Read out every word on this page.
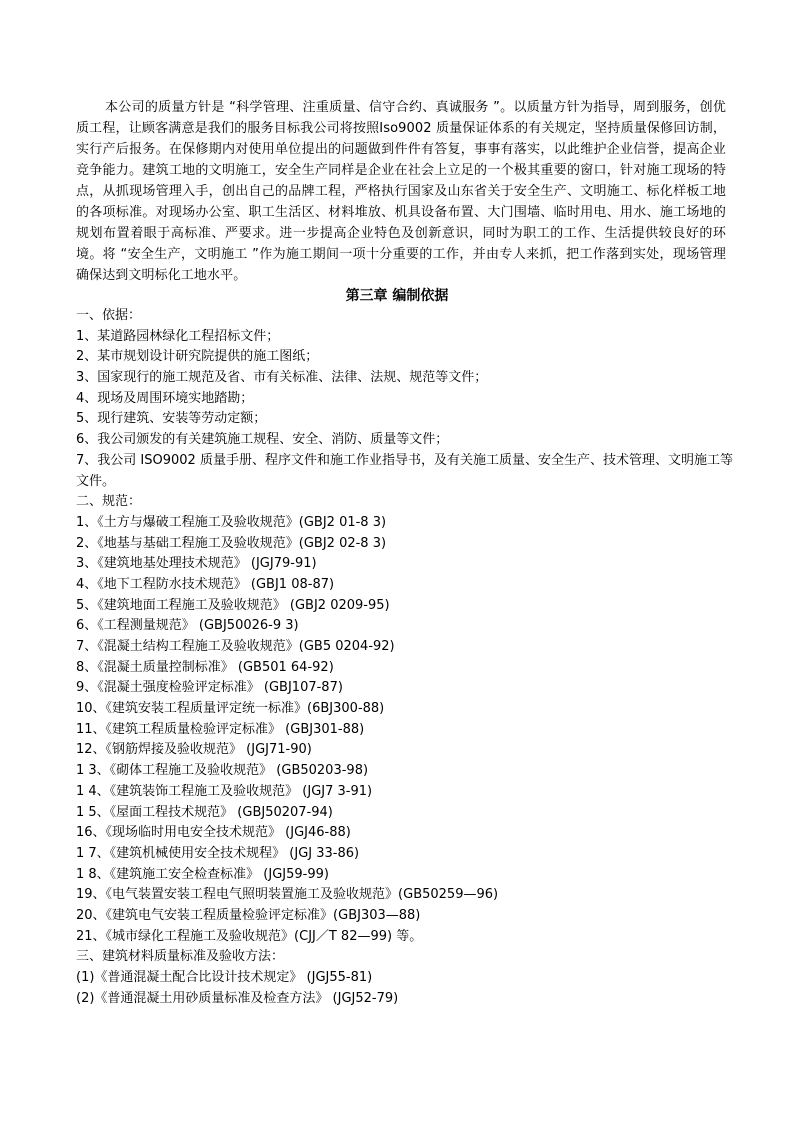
本公司的质量方针是 “科学管理、注重质量、信守合约、真诚服务 ”。以质量方针为指导，周到服务，创优质工程，让顾客满意是我们的服务目标我公司将按照Iso9002 质量保证体系的有关规定，坚持质量保修回访制，实行产后报务。在保修期内对使用单位提出的问题做到件件有答复，事事有落实，以此维护企业信誉，提高企业竞争能力。建筑工地的文明施工，安全生产同样是企业在社会上立足的一个极其重要的窗口，针对施工现场的特点，从抓现场管理入手，创出自己的品牌工程，严格执行国家及山东省关于安全生产、文明施工、标化样板工地的各项标准。对现场办公室、职工生活区、材料堆放、机具设备布置、大门围墙、临时用电、用水、施工场地的规划布置着眼于高标准、严要求。进一步提高企业特色及创新意识，同时为职工的工作、生活提供较良好的环境。将 “安全生产，文明施工 ”作为施工期间一项十分重要的工作，并由专人来抓，把工作落到实处，现场管理确保达到文明标化工地水平。

第三章 编制依据
一、依据：
1、某道路园林绿化工程招标文件；
2、某市规划设计研究院提供的施工图纸；
3、国家现行的施工规范及省、市有关标准、法律、法规、规范等文件；
4、现场及周围环境实地踏勘；
5、现行建筑、安装等劳动定额；
6、我公司颁发的有关建筑施工规程、安全、消防、质量等文件；
7、我公司 ISO9002 质量手册、程序文件和施工作业指导书，及有关施工质量、安全生产、技术管理、文明施工等文件。
二、规范：
1、《土方与爆破工程施工及验收规范》(GBJ2 01-8 3)
2、《地基与基础工程施工及验收规范》(GBJ2 02-8 3)
3、《建筑地基处理技术规范》 (JGJ79-91)
4、《地下工程防水技术规范》 (GBJ1 08-87)
5、《建筑地面工程施工及验收规范》 (GBJ2 0209-95)
6、《工程测量规范》 (GBJ50026-9 3)
7、《混凝土结构工程施工及验收规范》(GB5 0204-92)
8、《混凝土质量控制标准》 (GB501 64-92)
9、《混凝土强度检验评定标准》 (GBJ107-87)
10、《建筑安装工程质量评定统一标准》(6BJ300-88)
11、《建筑工程质量检验评定标准》 (GBJ301-88)
12、《钢筋焊接及验收规范》 (JGJ71-90)
1 3、《砌体工程施工及验收规范》 (GB50203-98)
1 4、《建筑装饰工程施工及验收规范》 (JGJ7 3-91)
1 5、《屋面工程技术规范》 (GBJ50207-94)
16、《现场临时用电安全技术规范》 (JGJ46-88)
1 7、《建筑机械使用安全技术规程》 (JGJ 33-86)
1 8、《建筑施工安全检查标准》 (JGJ59-99)
19、《电气装置安装工程电气照明装置施工及验收规范》(GB50259—96)
20、《建筑电气安装工程质量检验评定标准》(GBJ303—88)
21、《城市绿化工程施工及验收规范》(CJJ／T 82—99) 等。
三、建筑材料质量标准及验收方法：
(1)《普通混凝土配合比设计技术规定》 (JGJ55-81)
(2)《普通混凝土用砂质量标准及检查方法》 (JGJ52-79)
